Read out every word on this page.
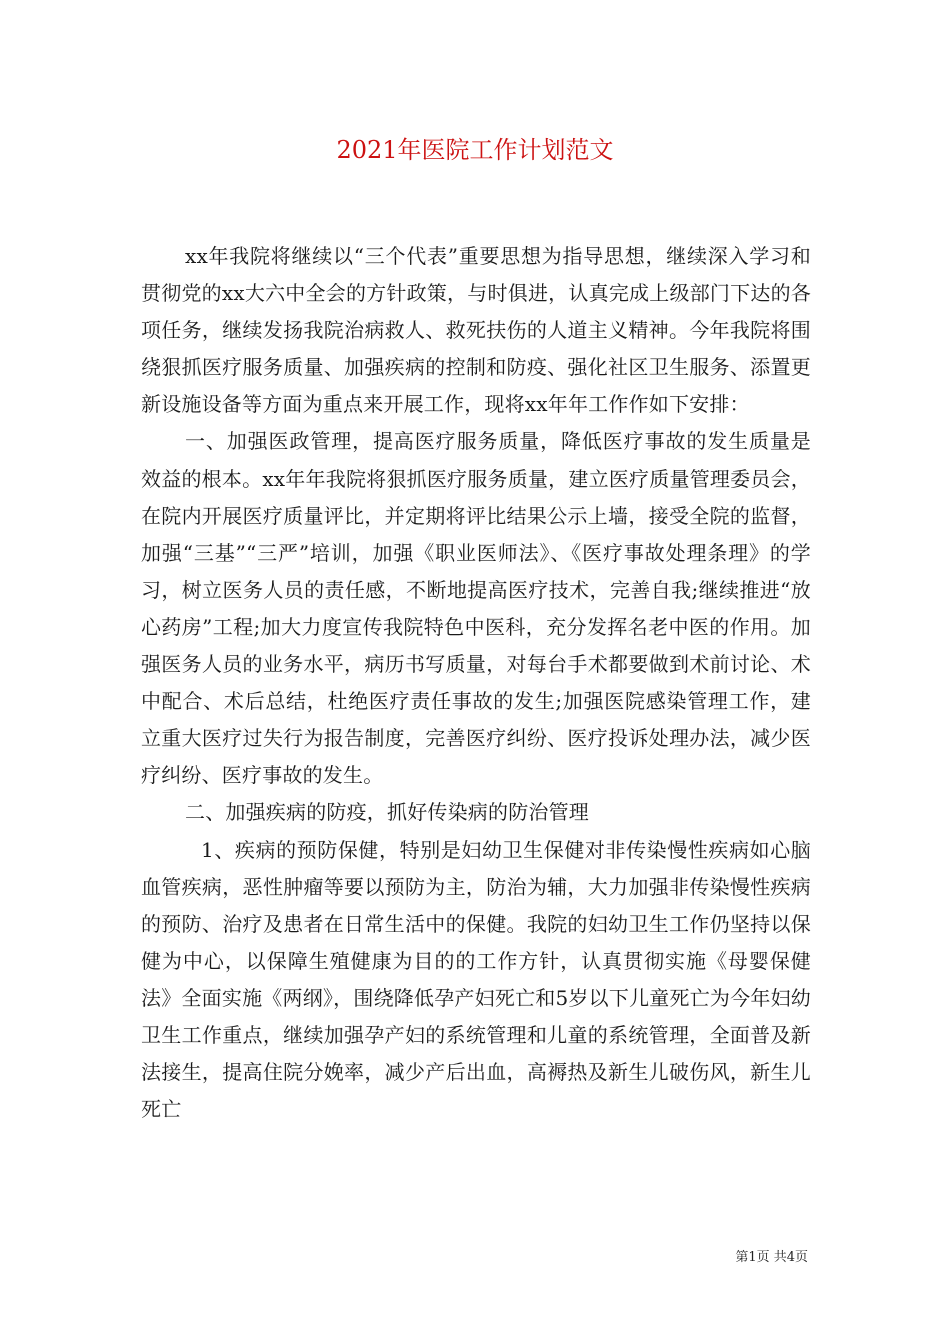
2021年医院工作计划范文

xx年我院将继续以“三个代表”重要思想为指导思想，继续深入学习和贯彻党的xx大六中全会的方针政策，与时俱进，认真完成上级部门下达的各项任务，继续发扬我院治病救人、救死扶伤的人道主义精神。今年我院将围绕狠抓医疗服务质量、加强疾病的控制和防疫、强化社区卫生服务、添置更新设施设备等方面为重点来开展工作，现将xx年年工作作如下安排：

一、加强医政管理，提高医疗服务质量，降低医疗事故的发生质量是效益的根本。xx年年我院将狠抓医疗服务质量，建立医疗质量管理委员会，在院内开展医疗质量评比，并定期将评比结果公示上墙，接受全院的监督，加强“三基”“三严”培训，加强《职业医师法》、《医疗事故处理条理》的学习，树立医务人员的责任感，不断地提高医疗技术，完善自我;继续推进“放心药房”工程;加大力度宣传我院特色中医科，充分发挥名老中医的作用。加强医务人员的业务水平，病历书写质量，对每台手术都要做到术前讨论、术中配合、术后总结，杜绝医疗责任事故的发生;加强医院感染管理工作，建立重大医疗过失行为报告制度，完善医疗纠纷、医疗投诉处理办法，减少医疗纠纷、医疗事故的发生。

二、加强疾病的防疫，抓好传染病的防治管理

1、疾病的预防保健，特别是妇幼卫生保健对非传染慢性疾病如心脑血管疾病，恶性肿瘤等要以预防为主，防治为辅，大力加强非传染慢性疾病的预防、治疗及患者在日常生活中的保健。我院的妇幼卫生工作仍坚持以保健为中心，以保障生殖健康为目的的工作方针，认真贯彻实施《母婴保健法》全面实施《两纲》，围绕降低孕产妇死亡和5岁以下儿童死亡为今年妇幼卫生工作重点，继续加强孕产妇的系统管理和儿童的系统管理，全面普及新法接生，提高住院分娩率，减少产后出血，高褥热及新生儿破伤风，新生儿死亡

第1页 共4页
